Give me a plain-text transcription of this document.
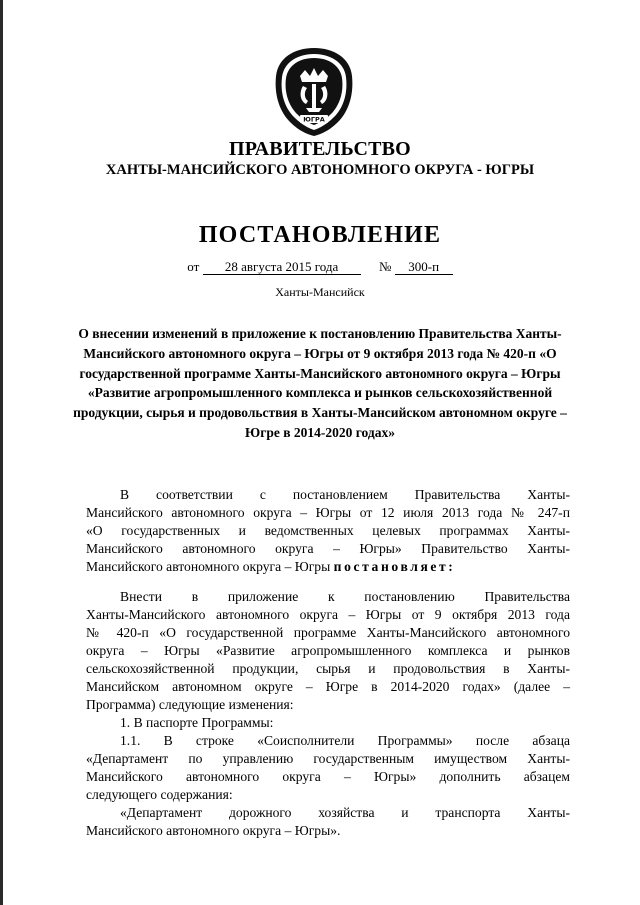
ЮГРА
ПРАВИТЕЛЬСТВО
ХАНТЫ-МАНСИЙСКОГО АВТОНОМНОГО ОКРУГА - ЮГРЫ
ПОСТАНОВЛЕНИЕ
от 28 августа 2015 года	№ 300-п
Ханты-Мансийск
О внесении изменений в приложение к постановлению Правительства Ханты-Мансийского автономного округа – Югры от 9 октября 2013 года № 420-п «О государственной программе Ханты-Мансийского автономного округа – Югры «Развитие агропромышленного комплекса и рынков сельскохозяйственной продукции, сырья и продовольствия в Ханты-Мансийском автономном округе – Югре в 2014-2020 годах»
В соответствии с постановлением Правительства Ханты-
Мансийского автономного округа – Югры от 12 июля 2013 года № 247-п
«О государственных и ведомственных целевых программах Ханты-
Мансийского автономного округа – Югры» Правительство Ханты-
Мансийского автономного округа – Югры постановляет:
Внести в приложение к постановлению Правительства
Ханты-Мансийского автономного округа – Югры от 9 октября 2013 года
№ 420-п «О государственной программе Ханты-Мансийского автономного
округа – Югры «Развитие агропромышленного комплекса и рынков
сельскохозяйственной продукции, сырья и продовольствия в Ханты-
Мансийском автономном округе – Югре в 2014-2020 годах» (далее –
Программа) следующие изменения:
1. В паспорте Программы:
1.1. В строке «Соисполнители Программы» после абзаца
«Департамент по управлению государственным имуществом Ханты-
Мансийского автономного округа – Югры» дополнить абзацем
следующего содержания:
«Департамент дорожного хозяйства и транспорта Ханты-
Мансийского автономного округа – Югры».
